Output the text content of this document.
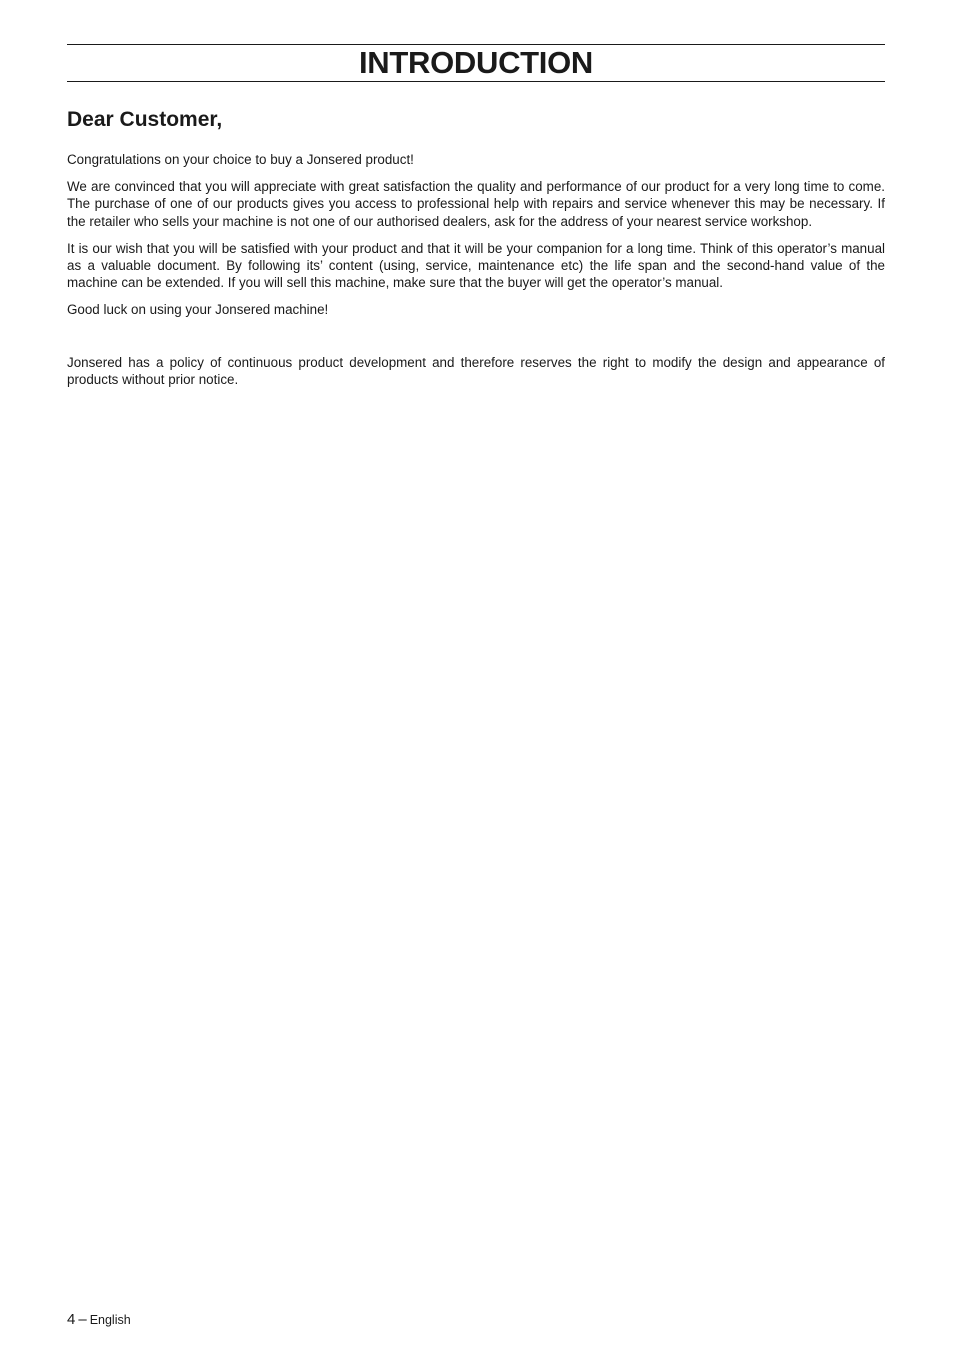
INTRODUCTION
Dear Customer,

Congratulations on your choice to buy a Jonsered product!

We are convinced that you will appreciate with great satisfaction the quality and performance of our product for a very long time to come. The purchase of one of our products gives you access to professional help with repairs and service whenever this may be necessary. If the retailer who sells your machine is not one of our authorised dealers, ask for the address of your nearest service workshop.

It is our wish that you will be satisfied with your product and that it will be your companion for a long time. Think of this operator’s manual as a valuable document. By following its’ content (using, service, maintenance etc) the life span and the second-hand value of the machine can be extended. If you will sell this machine, make sure that the buyer will get the operator’s manual.

Good luck on using your Jonsered machine!

Jonsered has a policy of continuous product development and therefore reserves the right to modify the design and appearance of products without prior notice.

4 – English
